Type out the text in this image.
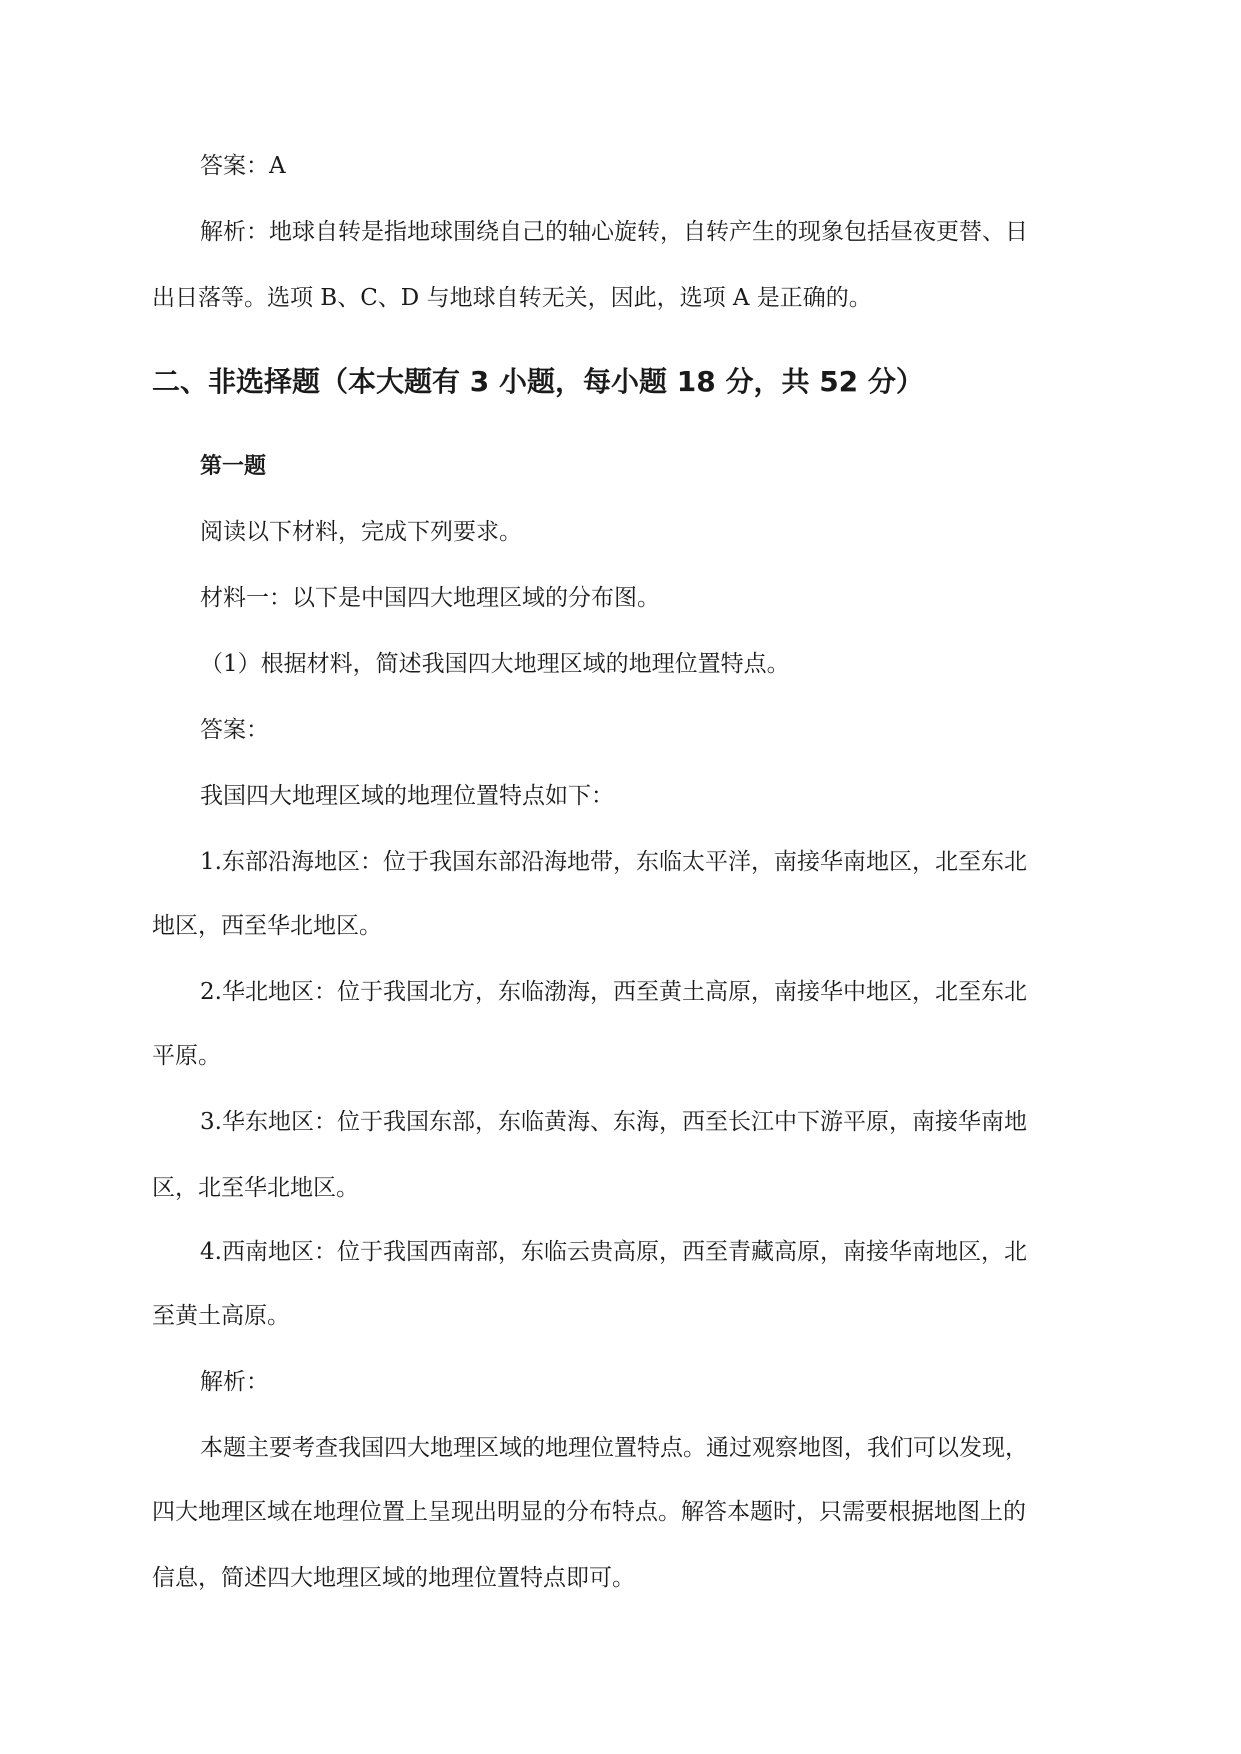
答案：A
解析：地球自转是指地球围绕自己的轴心旋转，自转产生的现象包括昼夜更替、日
出日落等。选项 B、C、D 与地球自转无关，因此，选项 A 是正确的。
二、非选择题（本大题有 3 小题，每小题 18 分，共 52 分）
第一题
阅读以下材料，完成下列要求。
材料一：以下是中国四大地理区域的分布图。
（1）根据材料，简述我国四大地理区域的地理位置特点。
答案：
我国四大地理区域的地理位置特点如下：
1.东部沿海地区：位于我国东部沿海地带，东临太平洋，南接华南地区，北至东北
地区，西至华北地区。
2.华北地区：位于我国北方，东临渤海，西至黄土高原，南接华中地区，北至东北
平原。
3.华东地区：位于我国东部，东临黄海、东海，西至长江中下游平原，南接华南地
区，北至华北地区。
4.西南地区：位于我国西南部，东临云贵高原，西至青藏高原，南接华南地区，北
至黄土高原。
解析：
本题主要考查我国四大地理区域的地理位置特点。通过观察地图，我们可以发现，
四大地理区域在地理位置上呈现出明显的分布特点。解答本题时，只需要根据地图上的
信息，简述四大地理区域的地理位置特点即可。
